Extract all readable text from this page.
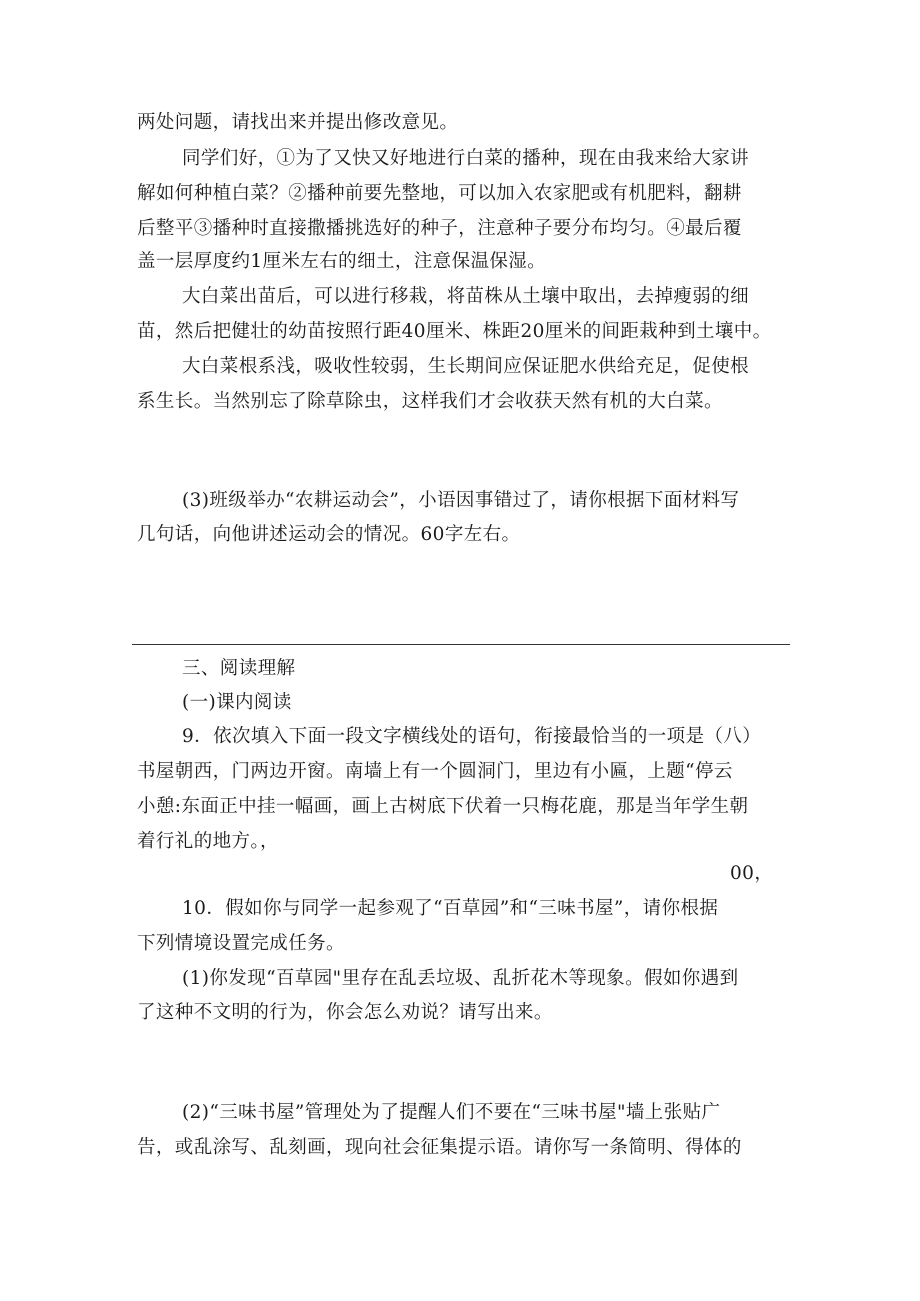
两处问题，请找出来并提出修改意见。
同学们好，①为了又快又好地进行白菜的播种，现在由我来给大家讲
解如何种植白菜？②播种前要先整地，可以加入农家肥或有机肥料，翻耕
后整平③播种时直接撒播挑选好的种子，注意种子要分布均匀。④最后覆
盖一层厚度约1厘米左右的细土，注意保温保湿。
大白菜出苗后，可以进行移栽，将苗株从土壤中取出，去掉瘦弱的细
苗，然后把健壮的幼苗按照行距40厘米、株距20厘米的间距栽种到土壤中。
大白菜根系浅，吸收性较弱，生长期间应保证肥水供给充足，促使根
系生长。当然别忘了除草除虫，这样我们才会收获天然有机的大白菜。
(3)班级举办“农耕运动会”，小语因事错过了，请你根据下面材料写
几句话，向他讲述运动会的情况。60字左右。
三、阅读理解
(一)课内阅读
9．依次填入下面一段文字横线处的语句，衔接最恰当的一项是（八）
书屋朝西，门两边开窗。南墙上有一个圆洞门，里边有小匾，上题“停云
小憩:东面正中挂一幅画，画上古树底下伏着一只梅花鹿，那是当年学生朝
着行礼的地方。，
00，
10．假如你与同学一起参观了“百草园”和“三味书屋”，请你根据
下列情境设置完成任务。
(1)你发现“百草园"里存在乱丢垃圾、乱折花木等现象。假如你遇到
了这种不文明的行为，你会怎么劝说？请写出来。
(2)“三味书屋”管理处为了提醒人们不要在“三味书屋"墙上张贴广
告，或乱涂写、乱刻画，现向社会征集提示语。请你写一条简明、得体的
